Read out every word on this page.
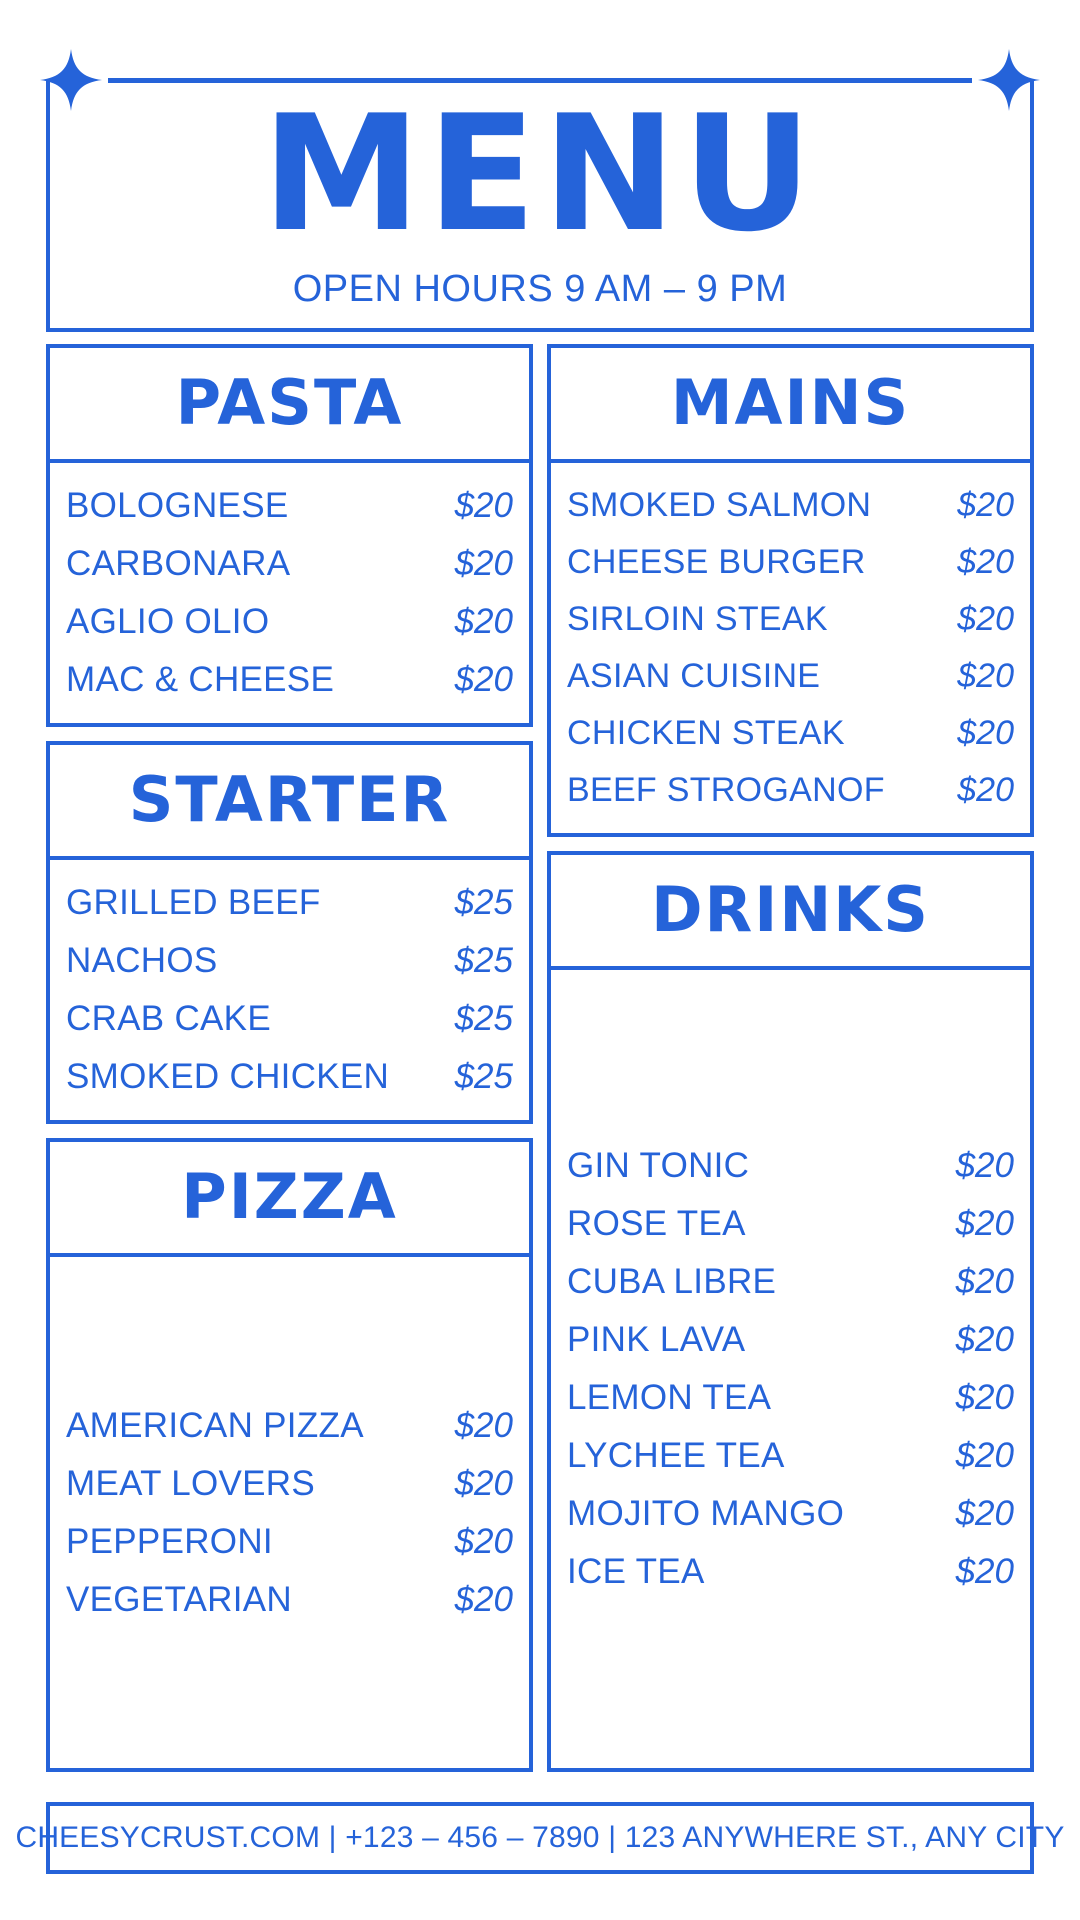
MENU
OPEN HOURS 9 AM – 9 PM
PASTA
BOLOGNESE	$20
CARBONARA	$20
AGLIO OLIO	$20
MAC & CHEESE	$20
STARTER
GRILLED BEEF	$25
NACHOS	$25
CRAB CAKE	$25
SMOKED CHICKEN $25
PIZZA
AMERICAN PIZZA	$20
MEAT LOVERS	$20
PEPPERONI	$20
VEGETARIAN	$20
MAINS
SMOKED SALMON	$20
CHEESE BURGER	$20
SIRLOIN STEAK	$20
ASIAN CUISINE	$20
CHICKEN STEAK	$20
BEEF STROGANOF $20
DRINKS
GIN TONIC	$20
ROSE TEA	$20
CUBA LIBRE	$20
PINK LAVA	$20
LEMON TEA	$20
LYCHEE TEA	$20
MOJITO MANGO	$20
ICE TEA	$20
CHEESYCRUST.COM | +123 – 456 – 7890 | 123 ANYWHERE ST., ANY CITY
